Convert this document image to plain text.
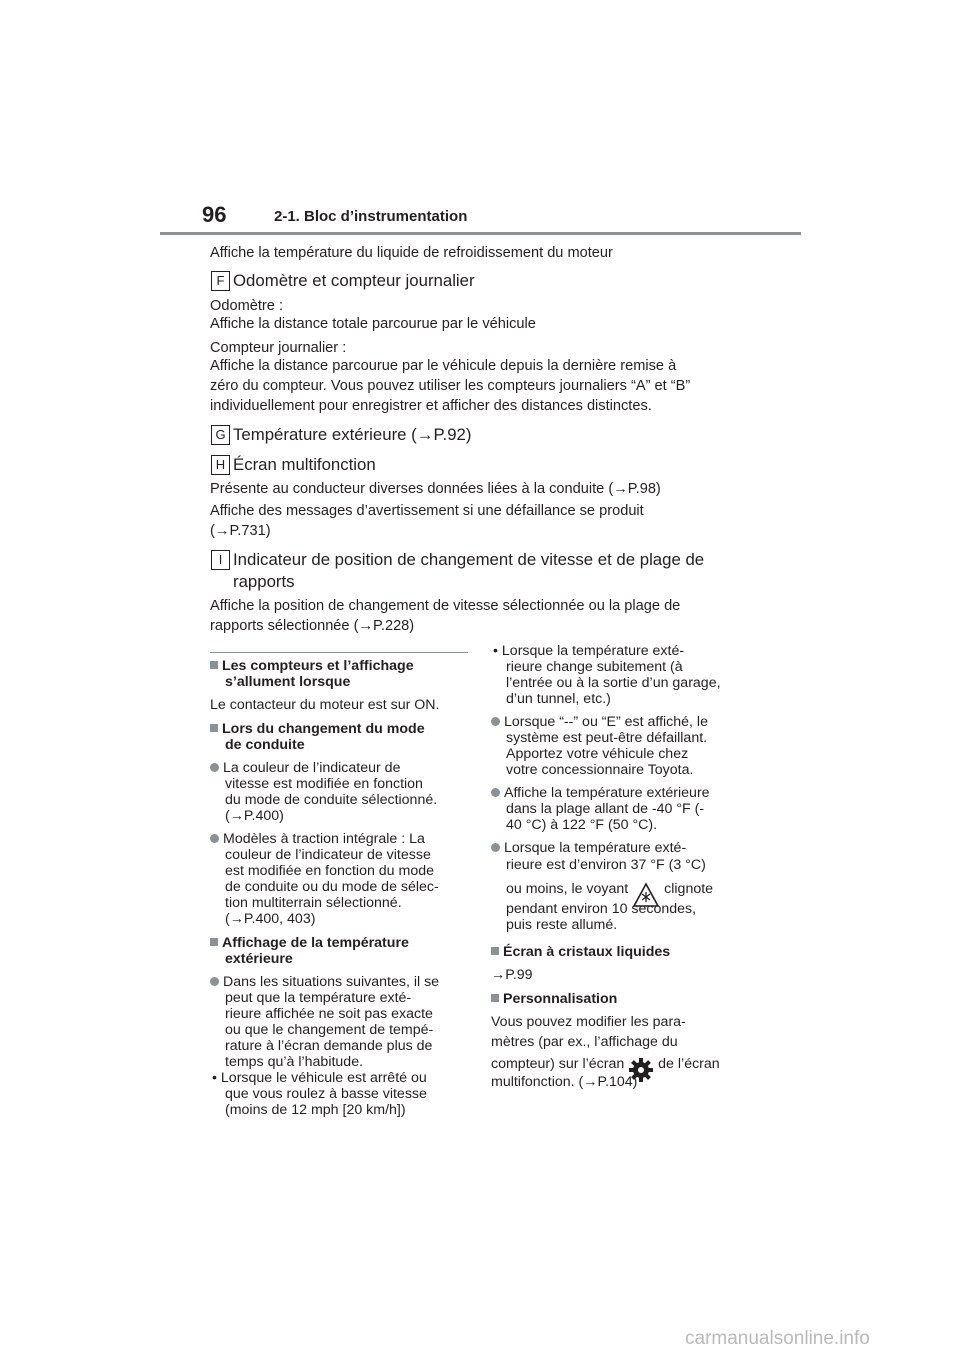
96	2-1. Bloc d’instrumentation
Affiche la température du liquide de refroidissement du moteur
F Odomètre et compteur journalier
Odomètre :
Affiche la distance totale parcourue par le véhicule
Compteur journalier :
Affiche la distance parcourue par le véhicule depuis la dernière remise à
zéro du compteur. Vous pouvez utiliser les compteurs journaliers “A” et “B”
individuellement pour enregistrer et afficher des distances distinctes.
G Température extérieure (→P.92)
H Écran multifonction
Présente au conducteur diverses données liées à la conduite (→P.98)
Affiche des messages d’avertissement si une défaillance se produit
(→P.731)
I Indicateur de position de changement de vitesse et de plage de
rapports
Affiche la position de changement de vitesse sélectionnée ou la plage de
rapports sélectionnée (→P.228)
Les compteurs et l’affichage
s’allument lorsque
Le contacteur du moteur est sur ON.
Lors du changement du mode
de conduite
La couleur de l’indicateur de
vitesse est modifiée en fonction
du mode de conduite sélectionné.
(→P.400)
Modèles à traction intégrale : La
couleur de l’indicateur de vitesse
est modifiée en fonction du mode
de conduite ou du mode de sélec-
tion multiterrain sélectionné.
(→P.400, 403)
Affichage de la température
extérieure
Dans les situations suivantes, il se
peut que la température exté-
rieure affichée ne soit pas exacte
ou que le changement de tempé-
rature à l’écran demande plus de
temps qu’à l’habitude.
• Lorsque le véhicule est arrêté ou
que vous roulez à basse vitesse
(moins de 12 mph [20 km/h])
• Lorsque la température exté-
rieure change subitement (à
l’entrée ou à la sortie d’un garage,
d’un tunnel, etc.)
Lorsque “--” ou “E” est affiché, le
système est peut-être défaillant.
Apportez votre véhicule chez
votre concessionnaire Toyota.
Affiche la température extérieure
dans la plage allant de -40 °F (-
40 °C) à 122 °F (50 °C).
Lorsque la température exté-
rieure est d’environ 37 °F (3 °C)
ou moins, le voyant	clignote
pendant environ 10 secondes,
puis reste allumé.
Écran à cristaux liquides
→P.99
Personnalisation
Vous pouvez modifier les para-
mètres (par ex., l’affichage du
compteur) sur l’écran de l’écran
multifonction. (→P.104)
carmanualsonline.info
